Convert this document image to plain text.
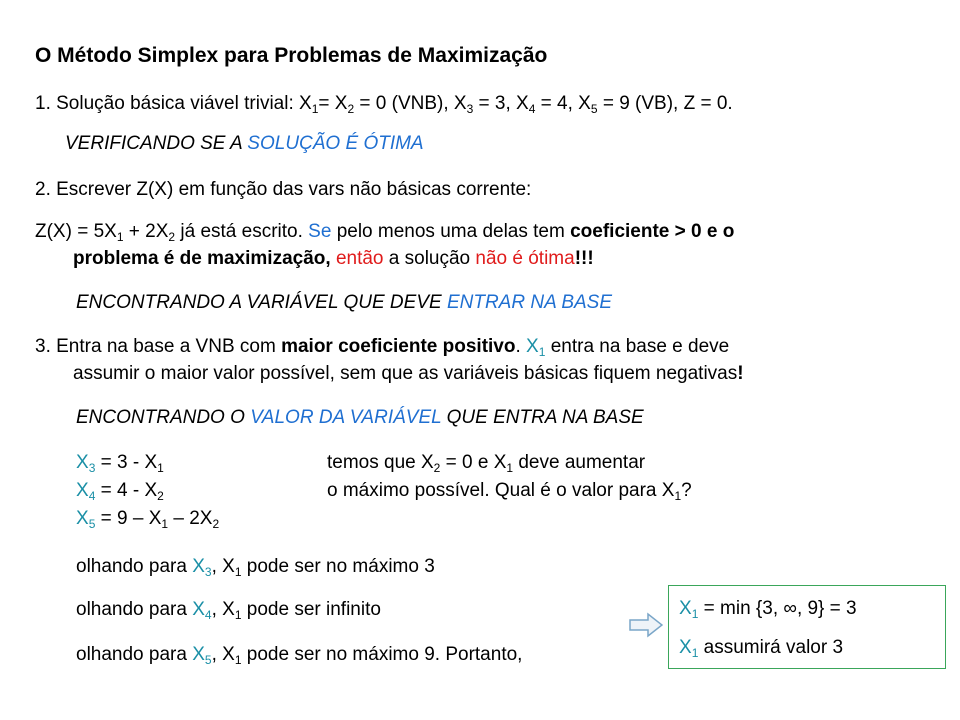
O Método Simplex para Problemas de Maximização
1. Solução básica viável trivial: $X_1= X_2 = 0$ (VNB), $X_3 = 3$, $X_4 = 4$, $X_5 = 9$ (VB), Z = 0.
VERIFICANDO SE A SOLUÇÃO É ÓTIMA
2. Escrever Z(X) em função das vars não básicas corrente:
$Z(X) = 5X_1 + 2X_2$ já está escrito. Se pelo menos uma delas tem coeficiente > 0 e o
problema é de maximização, então a solução não é ótima!!!
ENCONTRANDO A VARIÁVEL QUE DEVE ENTRAR NA BASE
3. Entra na base a VNB com maior coeficiente positivo. $X_1$ entra na base e deve
assumir o maior valor possível, sem que as variáveis básicas fiquem negativas!
ENCONTRANDO O VALOR DA VARIÁVEL QUE ENTRA NA BASE
$X_3 = 3 - X_1$
$X_4 = 4 - X_2$
$X_5 = 9 - X_1 - 2X_2$
temos que $X_2 = 0$ e $X_1$ deve aumentar
o máximo possível. Qual é o valor para $X_1$?
olhando para $X_3$, $X_1$ pode ser no máximo 3
olhando para $X_4$, $X_1$ pode ser infinito
olhando para $X_5$, $X_1$ pode ser no máximo 9. Portanto,
$X_1 = \min \{3$, ∞, 9} = 3
$X_1$ assumirá valor 3
